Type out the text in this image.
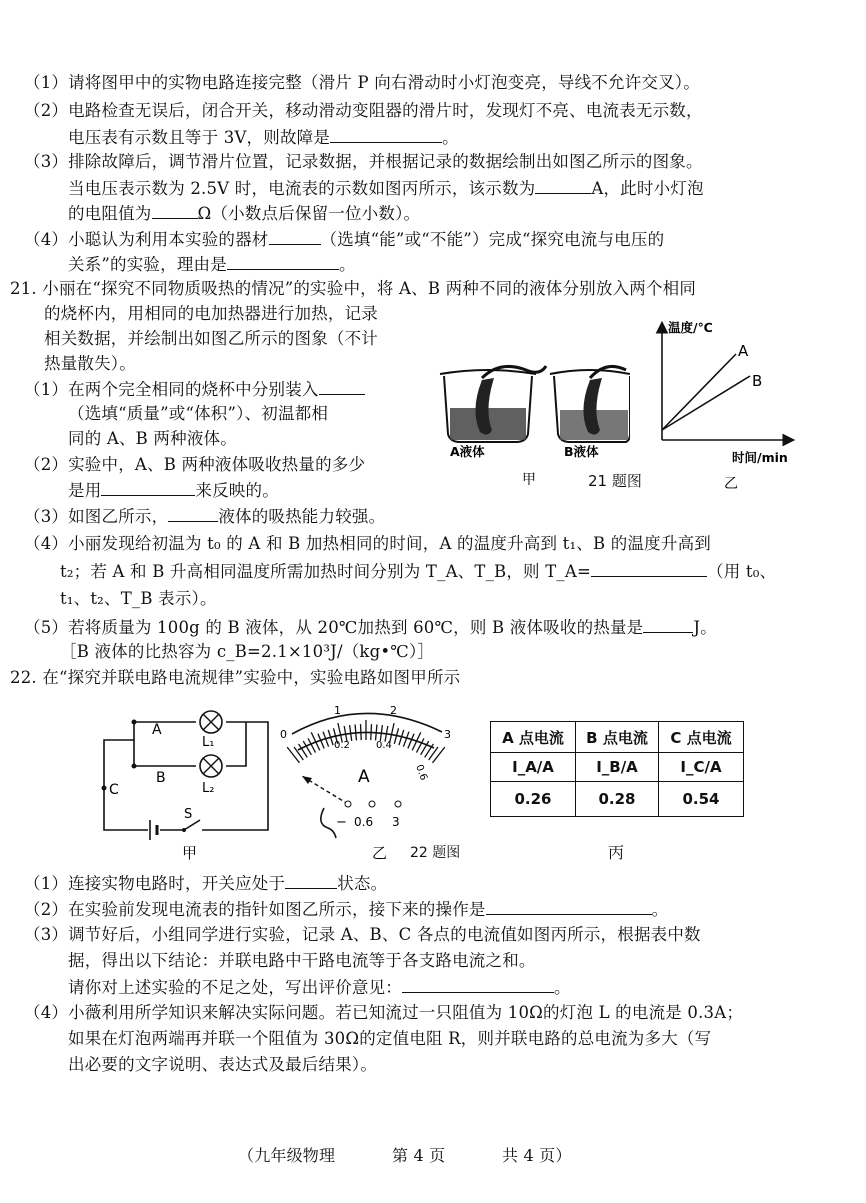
（1）请将图甲中的实物电路连接完整（滑片 P 向右滑动时小灯泡变亮，导线不允许交叉）。
（2）电路检查无误后，闭合开关，移动滑动变阻器的滑片时，发现灯不亮、电流表无示数，
电压表有示数且等于 3V，则故障是	。
（3）排除故障后，调节滑片位置，记录数据，并根据记录的数据绘制出如图乙所示的图象。
当电压表示数为 2.5V 时，电流表的示数如图丙所示，该示数为	A，此时小灯泡
的电阻值为	Ω（小数点后保留一位小数）。
（4）小聪认为利用本实验的器材	（选填“能”或“不能”）完成“探究电流与电压的
关系”的实验，理由是	。
21. 小丽在“探究不同物质吸热的情况”的实验中，将 A、B 两种不同的液体分别放入两个相同
的烧杯内，用相同的电加热器进行加热，记录
相关数据，并绘制出如图乙所示的图象（不计
热量散失）。
（1）在两个完全相同的烧杯中分别装入
（选填“质量”或“体积”）、初温都相
同的 A、B 两种液体。
（2）实验中，A、B 两种液体吸收热量的多少
是用	来反映的。
（3）如图乙所示，	液体的吸热能力较强。
（4）小丽发现给初温为 t₀ 的 A 和 B 加热相同的时间，A 的温度升高到 t₁、B 的温度升高到
t₂；若 A 和 B 升高相同温度所需加热时间分别为 T_A、T_B，则 T_A=	（用 t₀、
t₁、t₂、T_B 表示）。
（5）若将质量为 100g 的 B 液体，从 20℃加热到 60℃，则 B 液体吸收的热量是	J。
［B 液体的比热容为 c_B=2.1×10³J/（kg•℃）］
A液体	B液体
甲	21 题图
温度/℃
时间/min
A
B
乙
22. 在“探究并联电路电流规律”实验中，实验电路如图甲所示
A
B
C
L₁
L₂
S
甲
0
1	2
3
0.2	0.4
0.6
A
− 0.6 3
乙 22 题图
A 点电流	B 点电流	C 点电流
I_A/A	I_B/A	I_C/A
0.26	0.28	0.54
丙
（1）连接实物电路时，开关应处于	状态。
（2）在实验前发现电流表的指针如图乙所示，接下来的操作是	。
（3）调节好后，小组同学进行实验，记录 A、B、C 各点的电流值如图丙所示，根据表中数
据，得出以下结论：并联电路中干路电流等于各支路电流之和。
请你对上述实验的不足之处，写出评价意见：	。
（4）小薇利用所学知识来解决实际问题。若已知流过一只阻值为 10Ω的灯泡 L 的电流是 0.3A；
如果在灯泡两端再并联一个阻值为 30Ω的定值电阻 R，则并联电路的总电流为多大（写
出必要的文字说明、表达式及最后结果）。
（九年级物理	第 4 页	共 4 页）
